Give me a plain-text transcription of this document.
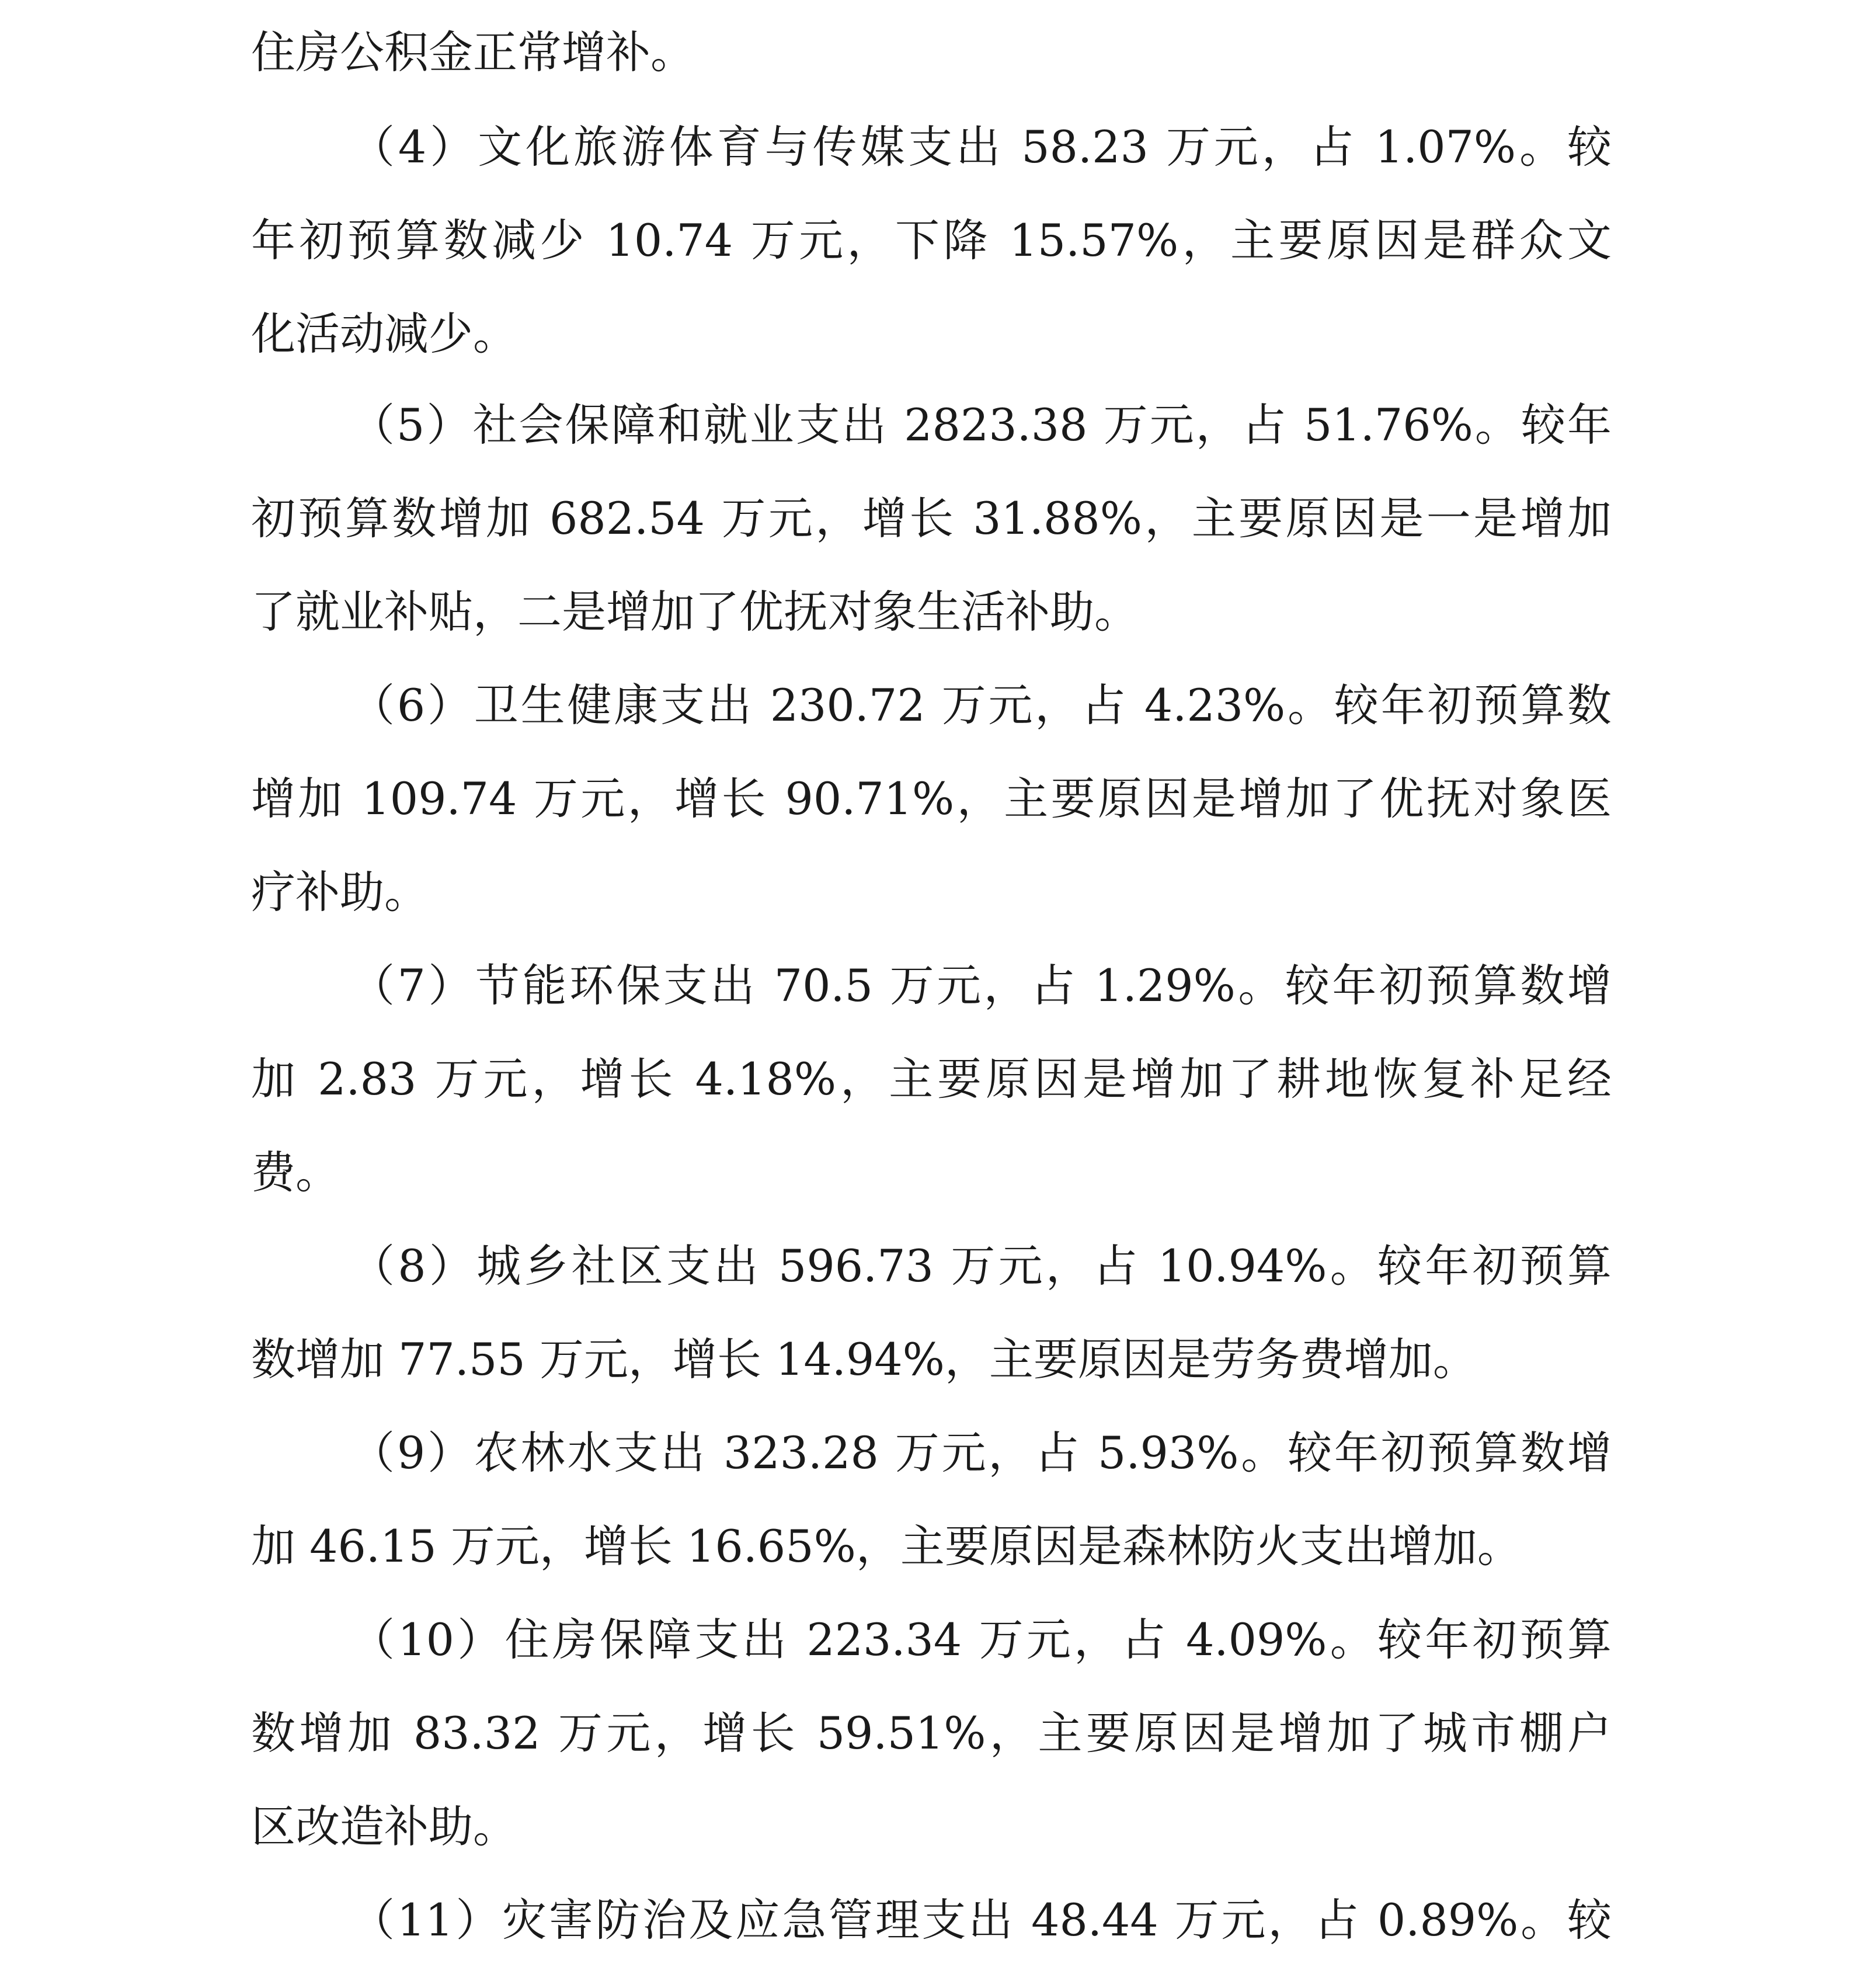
住房公积金正常增补。

（4）文化旅游体育与传媒支出 58.23 万元，占 1.07%。较

年初预算数减少 10.74 万元，下降 15.57%，主要原因是群众文

化活动减少。

（5）社会保障和就业支出 2823.38 万元，占 51.76%。较年

初预算数增加 682.54 万元，增长 31.88%，主要原因是一是增加

了就业补贴，二是增加了优抚对象生活补助。

（6）卫生健康支出 230.72 万元，占 4.23%。较年初预算数

增加 109.74 万元，增长 90.71%，主要原因是增加了优抚对象医

疗补助。

（7）节能环保支出 70.5 万元，占 1.29%。较年初预算数增

加 2.83 万元，增长 4.18%，主要原因是增加了耕地恢复补足经

费。

（8）城乡社区支出 596.73 万元，占 10.94%。较年初预算

数增加 77.55 万元，增长 14.94%，主要原因是劳务费增加。

（9）农林水支出 323.28 万元，占 5.93%。较年初预算数增

加 46.15 万元，增长 16.65%，主要原因是森林防火支出增加。

（10）住房保障支出 223.34 万元，占 4.09%。较年初预算

数增加 83.32 万元，增长 59.51%，主要原因是增加了城市棚户

区改造补助。

（11）灾害防治及应急管理支出 48.44 万元，占 0.89%。较
